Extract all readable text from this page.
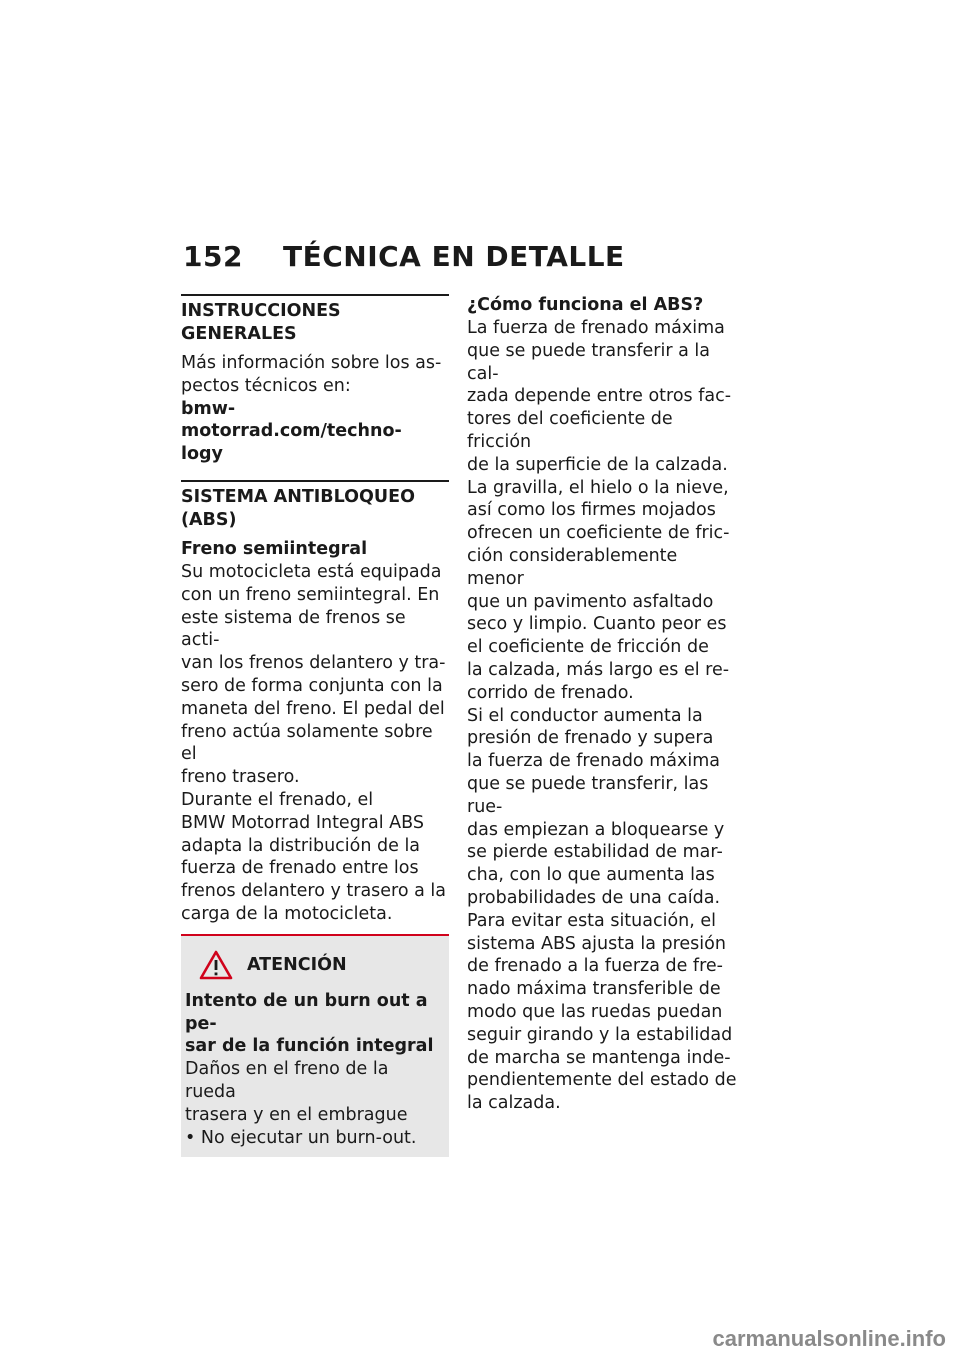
152 TÉCNICA EN DETALLE
INSTRUCCIONES GENERALES

Más información sobre los as-
pectos técnicos en:

bmw-motorrad.com/techno-
logy

SISTEMA ANTIBLOQUEO
(ABS)
Freno semiintegral

Su motocicleta está equipada
con un freno semiintegral. En
este sistema de frenos se acti-
van los frenos delantero y tra-
sero de forma conjunta con la
maneta del freno. El pedal del
freno actúa solamente sobre el
freno trasero.

Durante el frenado, el
BMW Motorrad Integral ABS
adapta la distribución de la
fuerza de frenado entre los
frenos delantero y trasero a la
carga de la motocicleta.

ATENCIÓN

Intento de un burn out a pe-
sar de la función integral

Daños en el freno de la rueda
trasera y en el embrague

• No ejecutar un burn-out.

¿Cómo funciona el ABS?

La fuerza de frenado máxima
que se puede transferir a la cal-
zada depende entre otros fac-
tores del coeficiente de fricción
de la superficie de la calzada.
La gravilla, el hielo o la nieve,
así como los firmes mojados
ofrecen un coeficiente de fric-
ción considerablemente menor
que un pavimento asfaltado
seco y limpio. Cuanto peor es
el coeficiente de fricción de
la calzada, más largo es el re-
corrido de frenado.

Si el conductor aumenta la
presión de frenado y supera
la fuerza de frenado máxima
que se puede transferir, las rue-
das empiezan a bloquearse y
se pierde estabilidad de mar-
cha, con lo que aumenta las
probabilidades de una caída.

Para evitar esta situación, el
sistema ABS ajusta la presión
de frenado a la fuerza de fre-
nado máxima transferible de
modo que las ruedas puedan
seguir girando y la estabilidad
de marcha se mantenga inde-
pendientemente del estado de
la calzada.

carmanualsonline.info
